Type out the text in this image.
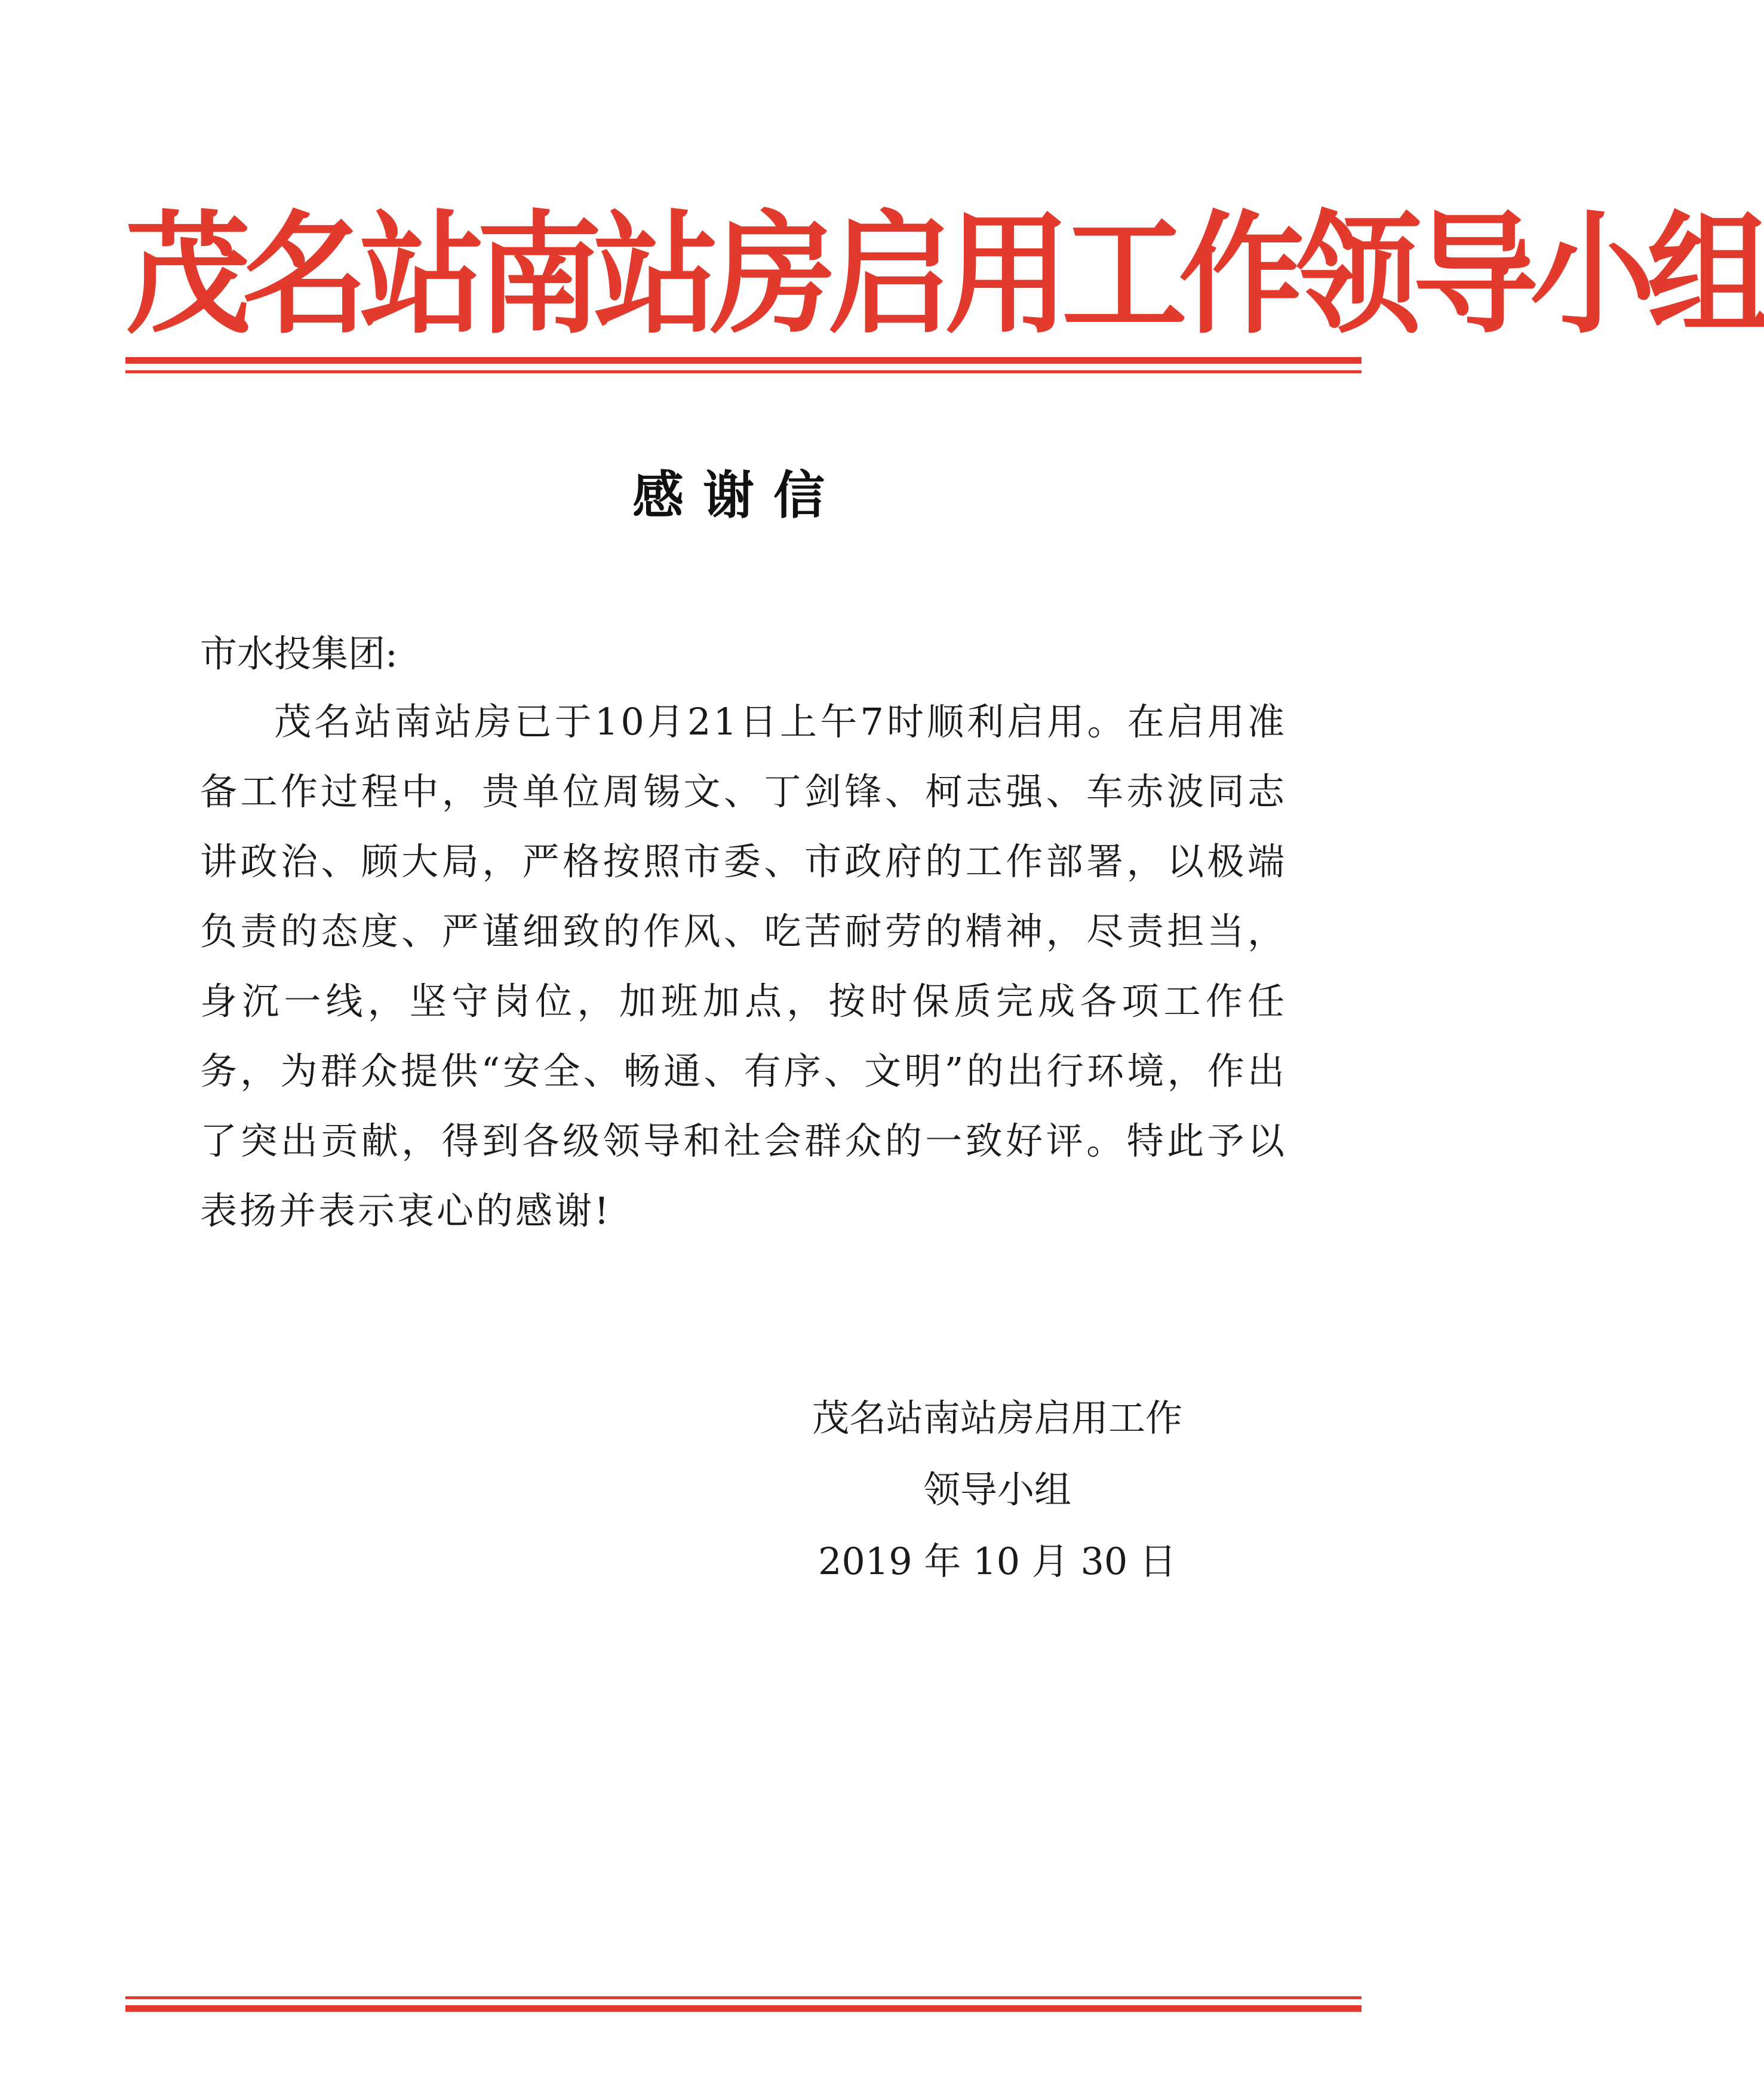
茂名站南站房启用工作领导小组
感谢信

市水投集团:

茂名站南站房已于10月21日上午7时顺利启用。在启用准备工作过程中，贵单位周锡文、丁剑锋、柯志强、车赤波同志讲政治、顾大局，严格按照市委、市政府的工作部署，以极端负责的态度、严谨细致的作风、吃苦耐劳的精神，尽责担当，身沉一线，坚守岗位，加班加点，按时保质完成各项工作任务，为群众提供“安全、畅通、有序、文明”的出行环境，作出了突出贡献，得到各级领导和社会群众的一致好评。特此予以表扬并表示衷心的感谢!

茂名站南站房启用工作
领导小组
2019 年 10 月 30 日
